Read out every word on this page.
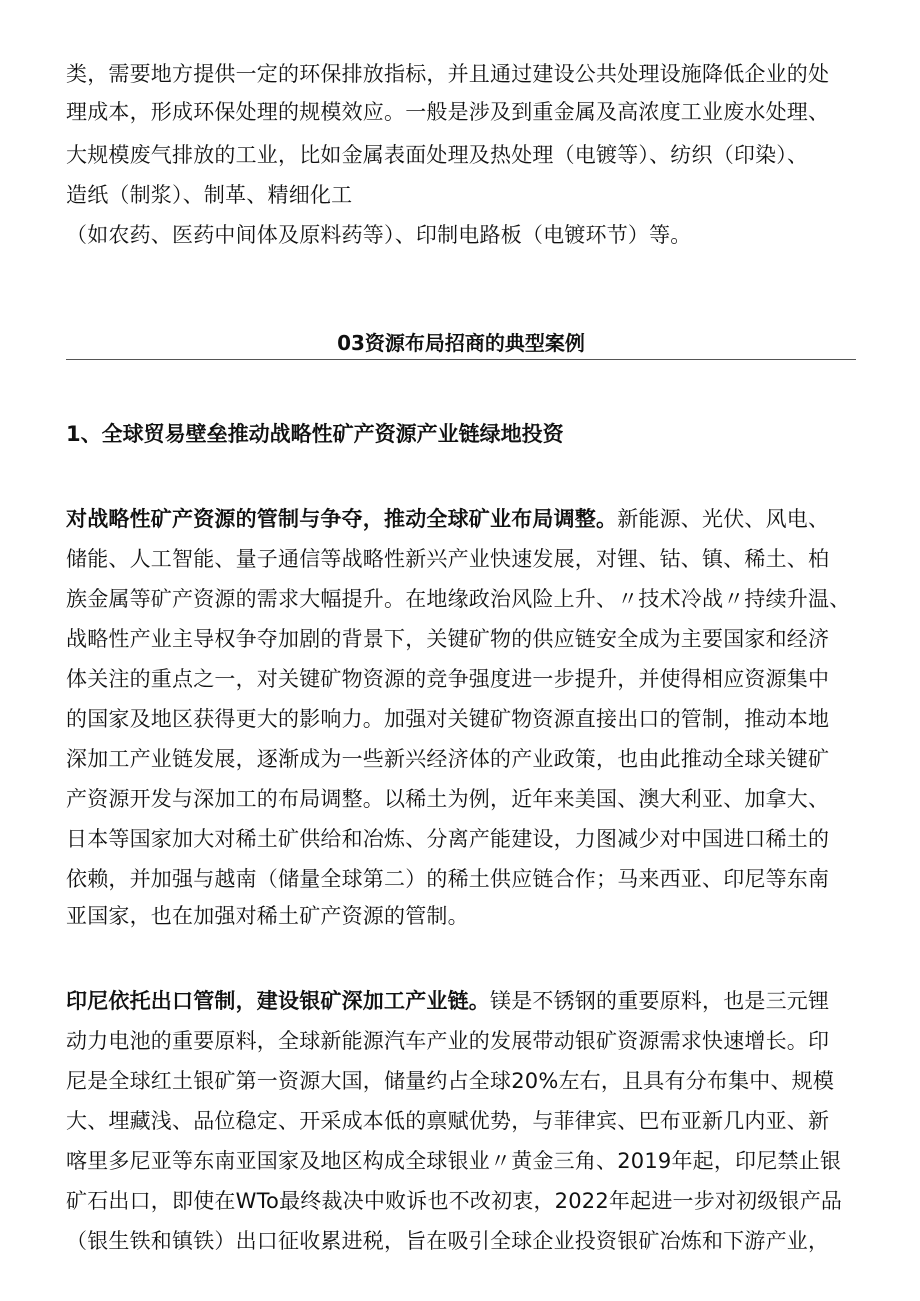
类，需要地方提供一定的环保排放指标，并且通过建设公共处理设施降低企业的处
理成本，形成环保处理的规模效应。一般是涉及到重金属及高浓度工业废水处理、
大规模废气排放的工业，比如金属表面处理及热处理（电镀等）、纺织（印染）、
造纸（制浆）、制革、精细化工
（如农药、医药中间体及原料药等）、印制电路板（电镀环节）等。
03资源布局招商的典型案例
1、全球贸易壁垒推动战略性矿产资源产业链绿地投资
对战略性矿产资源的管制与争夺，推动全球矿业布局调整。新能源、光伏、风电、
储能、人工智能、量子通信等战略性新兴产业快速发展，对锂、钴、镇、稀土、柏
族金属等矿产资源的需求大幅提升。在地缘政治风险上升、〃技术冷战〃持续升温、
战略性产业主导权争夺加剧的背景下，关键矿物的供应链安全成为主要国家和经济
体关注的重点之一，对关键矿物资源的竞争强度进一步提升，并使得相应资源集中
的国家及地区获得更大的影响力。加强对关键矿物资源直接出口的管制，推动本地
深加工产业链发展，逐渐成为一些新兴经济体的产业政策，也由此推动全球关键矿
产资源开发与深加工的布局调整。以稀土为例，近年来美国、澳大利亚、加拿大、
日本等国家加大对稀土矿供给和冶炼、分离产能建设，力图减少对中国进口稀土的
依赖，并加强与越南（储量全球第二）的稀土供应链合作；马来西亚、印尼等东南
亚国家，也在加强对稀土矿产资源的管制。
印尼依托出口管制，建设银矿深加工产业链。镁是不锈钢的重要原料，也是三元锂
动力电池的重要原料，全球新能源汽车产业的发展带动银矿资源需求快速增长。印
尼是全球红土银矿第一资源大国，储量约占全球20%左右，且具有分布集中、规模
大、埋藏浅、品位稳定、开采成本低的禀赋优势，与菲律宾、巴布亚新几内亚、新
喀里多尼亚等东南亚国家及地区构成全球银业〃黄金三角、2019年起，印尼禁止银
矿石出口，即使在WTo最终裁决中败诉也不改初衷，2022年起进一步对初级银产品
（银生铁和镇铁）出口征收累进税，旨在吸引全球企业投资银矿冶炼和下游产业，
